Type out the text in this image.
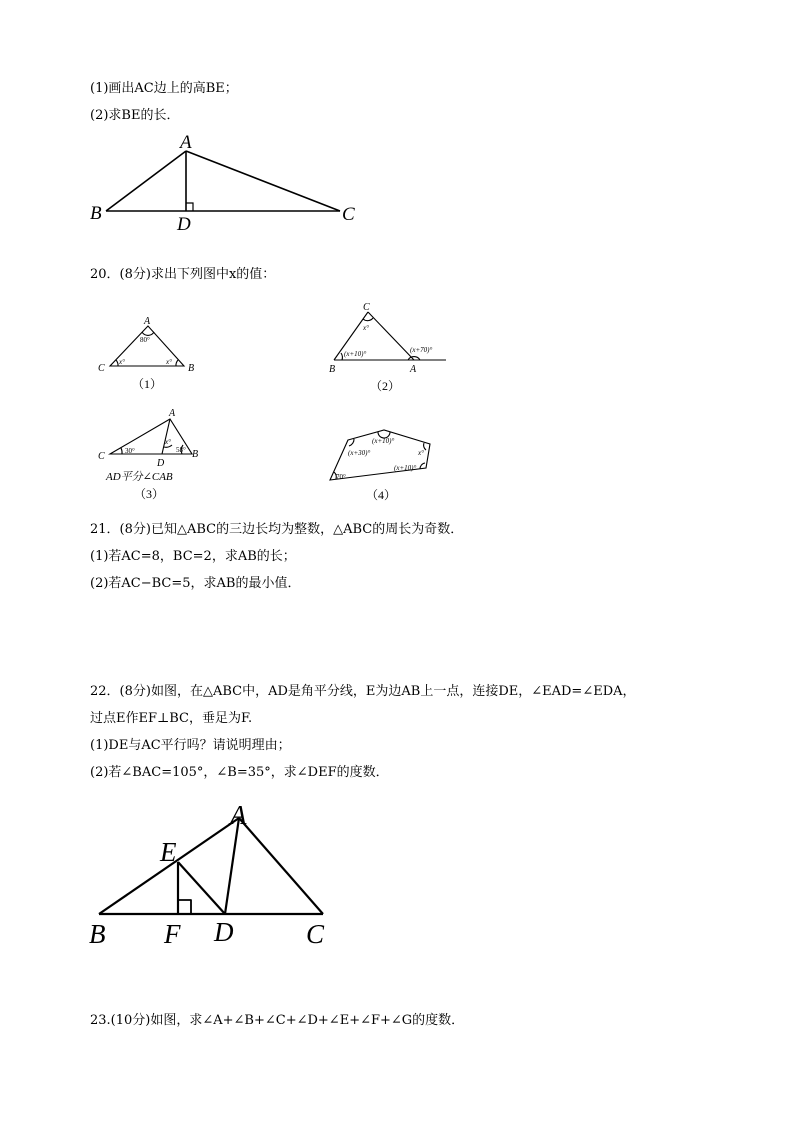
(1)画出AC边上的高BE；
(2)求BE的长．
A
B	C
D
20．(8分)求出下列图中x的值：
A
C	B
80°
x°	x°
（1）
C
B	A
x°
(x+10)°	(x+70)°
（2）
A
C	B
D
30°
x°
58°
AD平分∠CAB
（3）
(x+10)°
(x+30)°	x°
(x+10)°
70°
（4）
21．(8分)已知△ABC的三边长均为整数，△ABC的周长为奇数．
(1)若AC=8，BC=2，求AB的长；
(2)若AC−BC=5，求AB的最小值．
22．(8分)如图，在△ABC中，AD是角平分线，E为边AB上一点，连接DE，∠EAD=∠EDA，
过点E作EF⊥BC，垂足为F.
(1)DE与AC平行吗？请说明理由；
(2)若∠BAC=105°，∠B=35°，求∠DEF的度数．
A
E
B F D	C
23.(10分)如图，求∠A+∠B+∠C+∠D+∠E+∠F+∠G的度数．
